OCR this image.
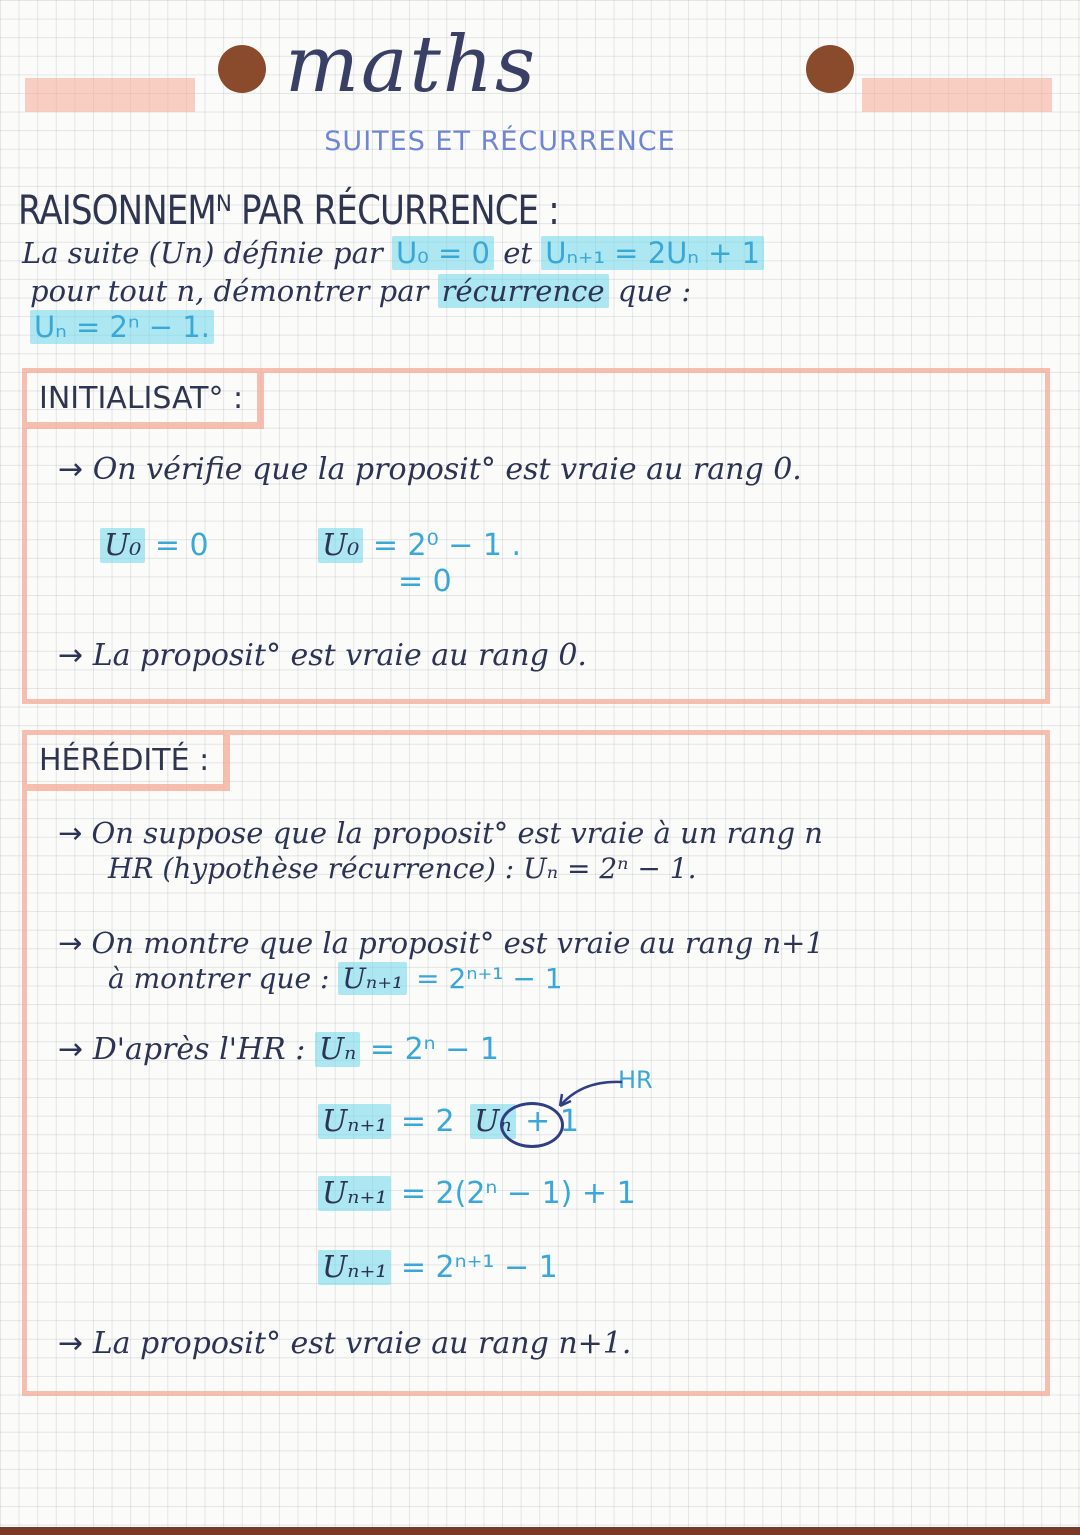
maths
SUITES ET RÉCURRENCE
RAISONNEMᴺ PAR RÉCURRENCE :
La suite (Un) définie par U₀ = 0 et Uₙ₊₁ = 2Uₙ + 1
pour tout n, démontrer par récurrence que :
Uₙ = 2ⁿ − 1.
INITIALISAT° :
→ On vérifie que la proposit° est vraie au rang 0.
U₀ = 0	U₀ = 2⁰ − 1 .
= 0
→ La proposit° est vraie au rang 0.
HÉRÉDITÉ :
→ On suppose que la proposit° est vraie à un rang n
HR (hypothèse récurrence) : Uₙ = 2ⁿ − 1.
→ On montre que la proposit° est vraie au rang n+1
à montrer que : Uₙ₊₁ = 2ⁿ⁺¹ − 1
→ D'après l'HR : Uₙ = 2ⁿ − 1
HR
Uₙ₊₁ = 2 Uₙ + 1
Uₙ₊₁ = 2(2ⁿ − 1) + 1
Uₙ₊₁ = 2ⁿ⁺¹ − 1
→ La proposit° est vraie au rang n+1.
